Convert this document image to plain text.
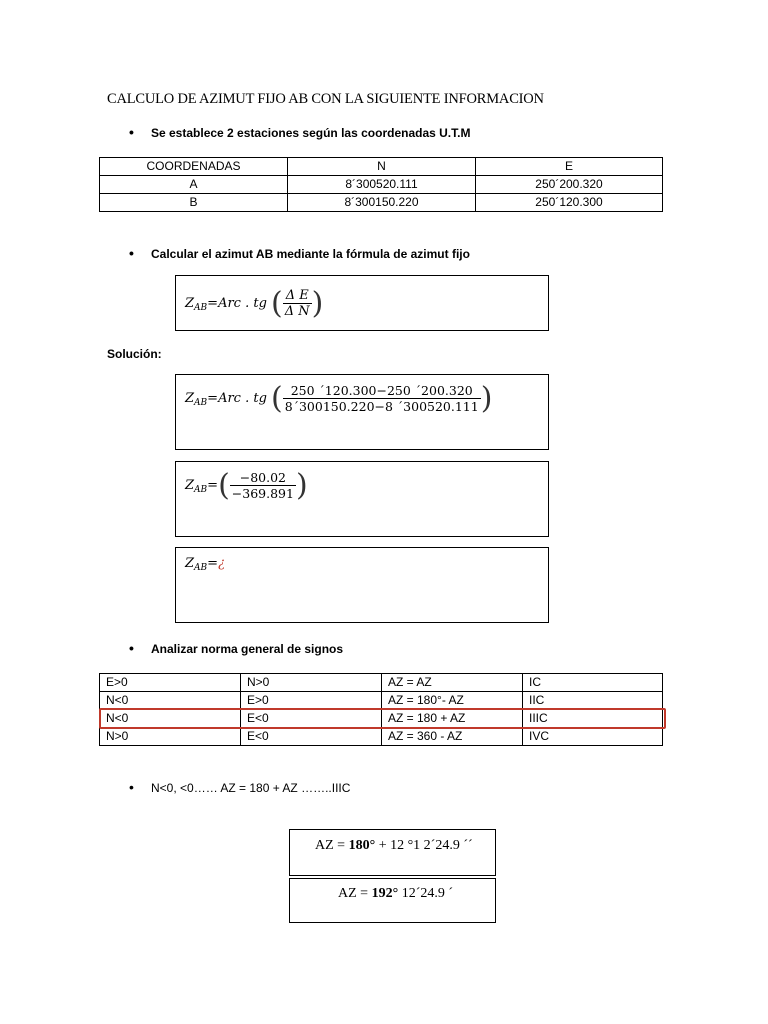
CALCULO DE AZIMUT FIJO AB CON LA SIGUIENTE INFORMACION
• Se establece 2 estaciones según las coordenadas U.T.M
COORDENADAS	N	E
A	8´300520.111	250´200.320
B	8´300150.220	250´120.300
• Calcular el azimut AB mediante la fórmula de azimut fijo
$Z_{AB}=Arc$ . tg ( $\frac{\text{Δ E}}{\text{Δ N}}$ )
Solución:
$Z_{AB}=Arc$ . tg ( $\frac{250 ´120.300-250 ´200.320}{8´300150.220-8 ´300520.111}$ )
$Z_{AB}=( \frac{-80.02}{-369.891}$ )
$Z_{AB}=¿$
• Analizar norma general de signos
E>0	N>0	AZ = AZ	IC
N<0	E>0	AZ = 180°- AZ	IIC
N<0	E<0	AZ = 180 + AZ	IIIC
N>0	E<0	AZ = 360 - AZ	IVC
• N<0, <0…… AZ = 180 + AZ ……..IIIC
AZ = 180° + 12 °1 2´24.9 ´´
AZ = 192° 12´24.9 ´
